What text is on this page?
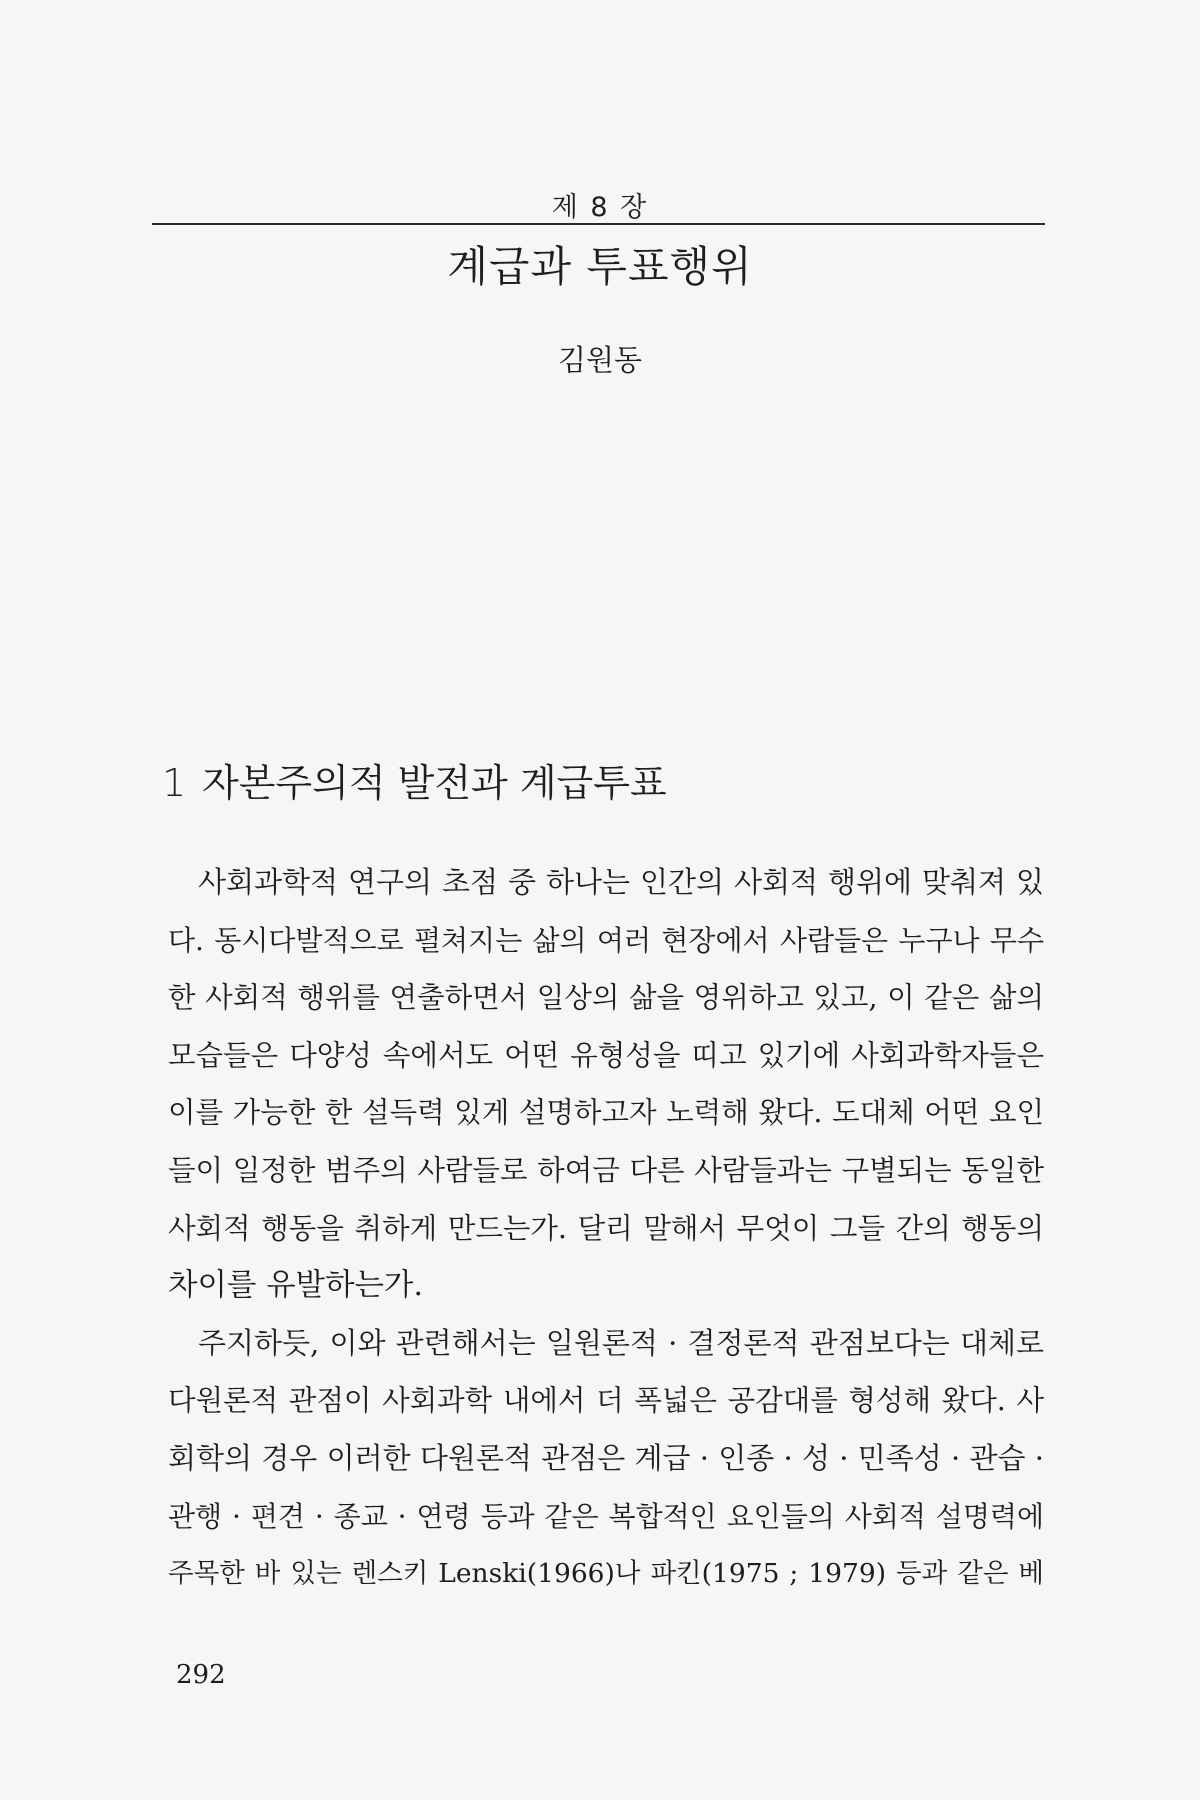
제 8 장
계급과 투표행위
김원동
1 자본주의적 발전과 계급투표
사회과학적 연구의 초점 중 하나는 인간의 사회적 행위에 맞춰져 있
다. 동시다발적으로 펼쳐지는 삶의 여러 현장에서 사람들은 누구나 무수
한 사회적 행위를 연출하면서 일상의 삶을 영위하고 있고, 이 같은 삶의
모습들은 다양성 속에서도 어떤 유형성을 띠고 있기에 사회과학자들은
이를 가능한 한 설득력 있게 설명하고자 노력해 왔다. 도대체 어떤 요인
들이 일정한 범주의 사람들로 하여금 다른 사람들과는 구별되는 동일한
사회적 행동을 취하게 만드는가. 달리 말해서 무엇이 그들 간의 행동의
차이를 유발하는가.
주지하듯, 이와 관련해서는 일원론적 · 결정론적 관점보다는 대체로
다원론적 관점이 사회과학 내에서 더 폭넓은 공감대를 형성해 왔다. 사
회학의 경우 이러한 다원론적 관점은 계급 · 인종 · 성 · 민족성 · 관습 ·
관행 · 편견 · 종교 · 연령 등과 같은 복합적인 요인들의 사회적 설명력에
주목한 바 있는 렌스키 Lenski(1966)나 파킨(1975 ; 1979) 등과 같은 베
292
